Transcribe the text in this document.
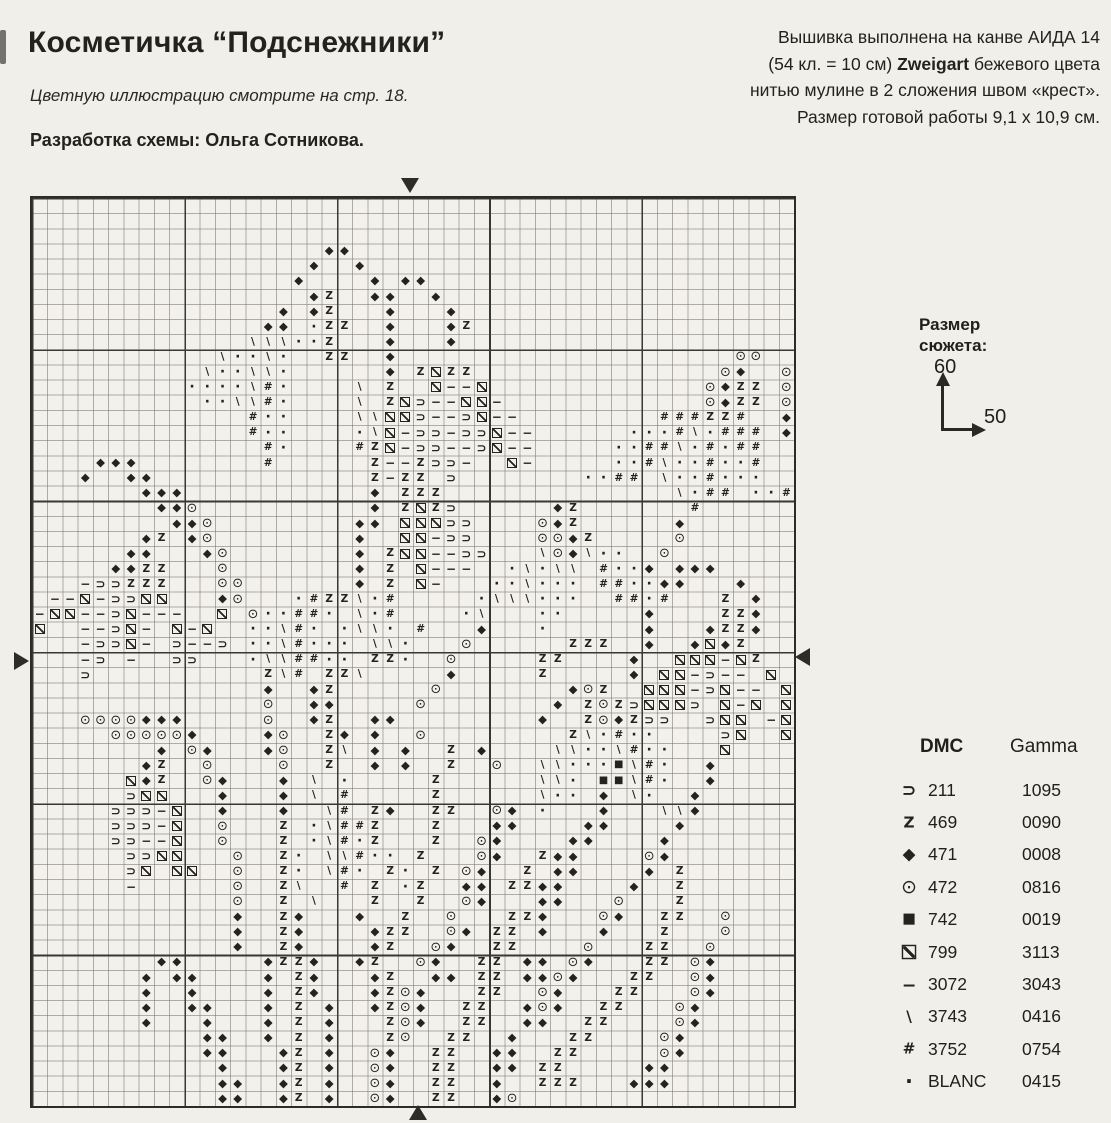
Косметичка “Подснежники”
Цветную иллюстрацию смотрите на стр. 18.
Разработка схемы: Ольга Сотникова.
Вышивка выполнена на канве АИДА 14
(54 кл. = 10 см) Zweigart бежевого цвета
нитью мулине в 2 сложения швом «крест».
Размер готовой работы 9,1 х 10,9 см.
Размер
сюжета:
60
50
◆ ◆
◆	◆
◆	◆ ◆ ◆
◆ Z	◆ ◆	◆
◆ ◆ Z	◆	◆
◆ ◆	· Z Z	◆	◆ Z
\	\	\ · · Z	◆	◆
\ · ·	\ ·	Z Z	◆	⊙ ⊙
\ · ·	\	\ ·	◆	Z	Z Z	⊙ ◆	⊙
· · · ·	\ # ·	\	Z	− −	⊙ ◆ Z Z ⊙
· ·	\	\ # ·	\	Z	⊃ − −	−	⊙ ◆ Z Z ⊙
# · ·	\	\	⊃ − − ⊃ − −	# # # Z Z #	◆
# · ·	·	\	− ⊃ ⊃ − ⊃ ⊃ − −	· · · # \ · # # # ◆
# ·	# Z	− ⊃ ⊃ − − ⊃ − −	· · # # \ · # · # #
◆ ◆ ◆	#	Z − − Z ⊃ ⊃ −	−	· · # \ · · # · · #
◆	◆ ◆	Z − Z Z	⊃	· · # #	\ · · # · · ·
◆ ◆ ◆	◆	Z Z Z	\ · # #	· · #
◆ ◆ ⊙	◆	Z	Z ⊃	◆ Z	#
◆ ◆ ⊙	◆ ◆	⊃ ⊃	⊙ ◆ Z	◆
◆ Z	◆ ⊙	◆	− ⊃ ⊃	⊙ ⊙ ◆ Z	⊙
◆ ◆	◆ ⊙	◆	Z	− − ⊃ ⊃	\ ⊙ ◆ \ · ·	⊙
◆ ◆ Z Z	⊙	◆	Z	− − −	·	\ ·	\	\	# · · ◆ ◆ ◆ ◆
− ⊃ ⊃ Z Z Z	⊙ ⊙	◆	Z	−	· ·	\ · · ·	# # · · ◆ ◆	◆
− − − ⊃ ⊃	◆ ⊙	· # Z Z \ · #	·	\	\	\ · · ·	# # · #	Z	◆
−	− − ⊃ − − −	⊙ · · # # ·	\ · #	·	\	· ·	◆	Z Z ◆
− − ⊃ −	−	· ·	\ # ·	·	\	\ ·	#	◆	·	◆	◆ Z Z ◆
− ⊃ ⊃ − ⊃ − − ⊃	· ·	\ # · · ·	\	\ ·	⊙	Z Z Z	◆	◆ ◆ Z
− ⊃ −	⊃ ⊃	·	\	\ # # · ·	Z Z ·	⊙	Z Z	◆	−	Z
⊃	Z \ #	Z Z \	◆	Z	◆	− ⊃ − −
◆	◆ Z	⊙	◆ ⊙ Z	− ⊃ − −
⊙	◆ ◆	⊙	◆	Z ⊙ Z ⊃	⊃	−
⊙ ⊙ ⊙ ⊙ ◆ ◆ ◆	⊙	◆ Z	◆ ◆	◆	Z ⊙ ◆ Z ⊃ ⊃	⊃	−
⊙ ⊙ ⊙ ⊙ ⊙ ◆	◆ ⊙	Z ◆ ◆	⊙	Z \ · # · ·	⊃
◆ ⊙ ◆	◆ ⊙	Z \	◆ ◆	Z	◆	\	\ · ·	\ # · ·
◆ Z	⊙	⊙	Z	◆ ◆	Z	⊙	\	\ · · · ■ \ # ·	◆
◆ Z	⊙ ◆	◆	\	·	Z	\	\ ·	■ ■ \ # ·	◆
⊃	◆	◆	\	#	Z	\ · ·	◆	\ ·	◆
⊃ ⊃ ⊃ −	◆	◆	\ #	Z ◆	Z Z	⊙ ◆	·	◆	\	\ ◆
⊃ ⊃ ⊃ −	⊙	Z	·	\ # # Z	Z	◆ ◆	◆ ◆	◆
⊃ ⊃ − −	⊙	Z	·	\ # · Z	Z	⊙ ◆	◆ ◆	◆
⊃ ⊃	⊙	Z ·	\	\ # · ·	Z	⊙ ◆	Z ◆ ◆	⊙ ◆
⊃	⊙	Z ·	\ # ·	Z ·	Z ⊙ ◆	Z	◆ ◆	◆	Z
−	⊙	Z \	#	Z	· Z	◆ ◆	Z Z ◆ ◆	◆	Z
⊙	Z	\	Z	Z	⊙ ◆	◆ ◆	⊙	Z
◆	Z ◆	◆	Z	⊙	Z Z ◆	⊙ ◆	Z Z	⊙
◆	Z ◆	◆ Z Z	⊙ ◆	Z Z	◆	◆	Z	⊙
◆	Z ◆	◆ Z	⊙ ◆	Z Z	⊙	Z Z	⊙
◆ ◆	◆ Z Z ◆	◆ Z	⊙ ◆	Z Z	◆ ◆ ⊙ ◆	Z Z ⊙ ◆
◆ ◆ ◆	◆	Z ◆	◆ Z	◆ ◆	Z Z	◆ ◆ ⊙ ◆	Z Z	⊙ ◆
◆	◆	◆	Z ◆	◆ Z ⊙ ◆	Z Z	⊙ ◆	Z Z	⊙ ◆
◆	◆ ◆	◆	Z	◆	◆ Z ⊙ ◆	Z Z	◆ ⊙ ◆	Z Z	⊙ ◆
◆	◆	◆	Z	◆	Z ⊙ ◆	Z Z	◆ ◆	Z Z	⊙ ◆
◆ ◆	◆	Z	◆	Z ⊙	Z Z	◆	Z Z	⊙ ◆
◆ ◆	◆ Z	◆	⊙ ◆	Z Z	◆ ◆	Z Z	⊙ ◆
◆	◆ Z	◆	⊙ ◆	Z Z	◆ ◆	Z Z	◆ ◆
◆ ◆	◆ Z	◆	⊙ ◆	Z Z	◆	Z Z Z	◆ ◆ ◆
◆ ◆	◆ Z	◆	⊙ ◆	Z Z	◆ ⊙
DMC	Gamma
⊃ 211	1095
Z 469	0090
◆ 471	0008
⊙ 472	0816
■ 742	0019
799	3113
− 3072	3043
\ 3743	0416
# 3752	0754
· BLANC	0415
